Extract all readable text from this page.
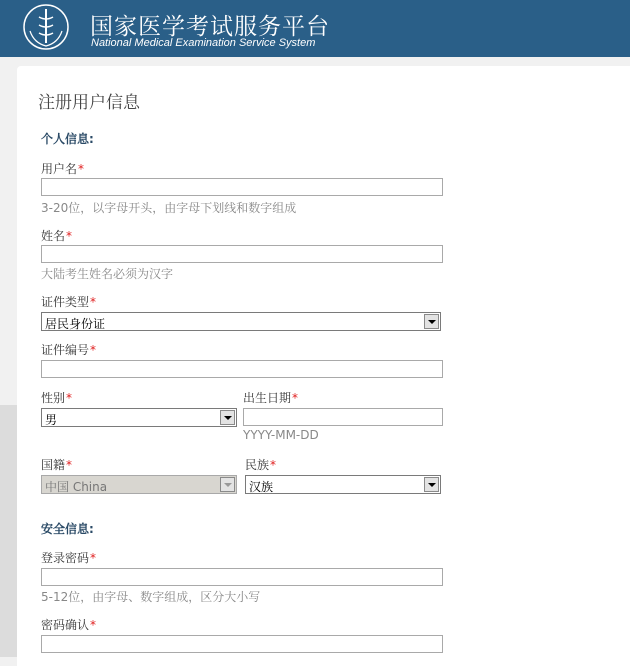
国家医学考试服务平台
National Medical Examination Service System
注册用户信息
个人信息:
用户名*
3-20位，以字母开头，由字母下划线和数字组成
姓名*
大陆考生姓名必须为汉字
证件类型*
居民身份证
证件编号*
性别*
男
出生日期*
YYYY-MM-DD
国籍*
中国 China
民族*
汉族
安全信息:
登录密码*
5-12位，由字母、数字组成，区分大小写
密码确认*
